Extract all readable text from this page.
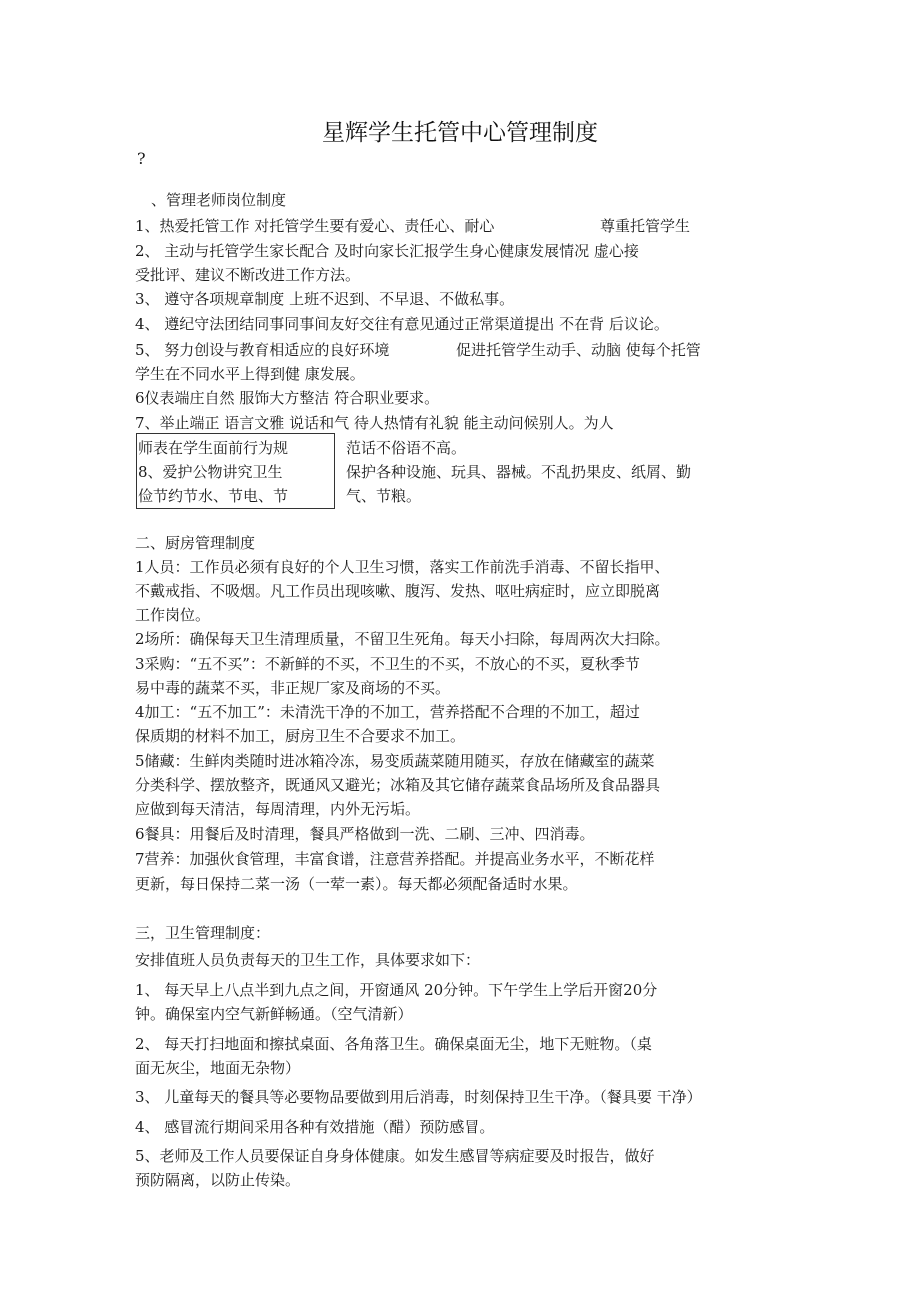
星辉学生托管中心管理制度
?
、管理老师岗位制度
1、热爱托管工作 对托管学生要有爱心、责任心、耐心	尊重托管学生
2、 主动与托管学生家长配合 及时向家长汇报学生身心健康发展情况 虚心接
受批评、建议不断改进工作方法。
3、 遵守各项规章制度 上班不迟到、不早退、不做私事。
4、 遵纪守法团结同事同事间友好交往有意见通过正常渠道提出 不在背 后议论。
5、 努力创设与教育相适应的良好环境	促进托管学生动手、动脑 使每个托管
学生在不同水平上得到健 康发展。
6仪表端庄自然 服饰大方整洁 符合职业要求。
7、举止端正 语言文雅 说话和气 待人热情有礼貌 能主动问候别人。为人
师表在学生面前行为规
8、爱护公物讲究卫生
俭节约节水、节电、节
范话不俗语不高。
保护各种设施、玩具、器械。不乱扔果皮、纸屑、勤
气、节粮。
二、厨房管理制度
1人员：工作员必须有良好的个人卫生习惯，落实工作前洗手消毒、不留长指甲、
不戴戒指、不吸烟。凡工作员出现咳嗽、腹泻、发热、呕吐病症时，应立即脱离
工作岗位。
2场所：确保每天卫生清理质量，不留卫生死角。每天小扫除，每周两次大扫除。
3采购：“五不买”：不新鲜的不买，不卫生的不买，不放心的不买，夏秋季节
易中毒的蔬菜不买，非正规厂家及商场的不买。
4加工：“五不加工”：未清洗干净的不加工，营养搭配不合理的不加工，超过
保质期的材料不加工，厨房卫生不合要求不加工。
5储藏：生鲜肉类随时进冰箱冷冻，易变质蔬菜随用随买，存放在储藏室的蔬菜
分类科学、摆放整齐，既通风又避光；冰箱及其它储存蔬菜食品场所及食品器具
应做到每天清洁，每周清理，内外无污垢。
6餐具：用餐后及时清理，餐具严格做到一洗、二刷、三冲、四消毒。
7营养：加强伙食管理，丰富食谱，注意营养搭配。并提高业务水平，不断花样
更新，每日保持二菜一汤（一荤一素）。每天都必须配备适时水果。
三，卫生管理制度：
安排值班人员负责每天的卫生工作，具体要求如下：
1、 每天早上八点半到九点之间，开窗通风 20分钟。下午学生上学后开窗20分
钟。确保室内空气新鲜畅通。（空气清新）
2、 每天打扫地面和擦拭桌面、各角落卫生。确保桌面无尘，地下无赃物。（桌
面无灰尘，地面无杂物）
3、 儿童每天的餐具等必要物品要做到用后消毒，时刻保持卫生干净。（餐具要 干净）
4、 感冒流行期间采用各种有效措施（醋）预防感冒。
5、老师及工作人员要保证自身身体健康。如发生感冒等病症要及时报告，做好
预防隔离，以防止传染。
